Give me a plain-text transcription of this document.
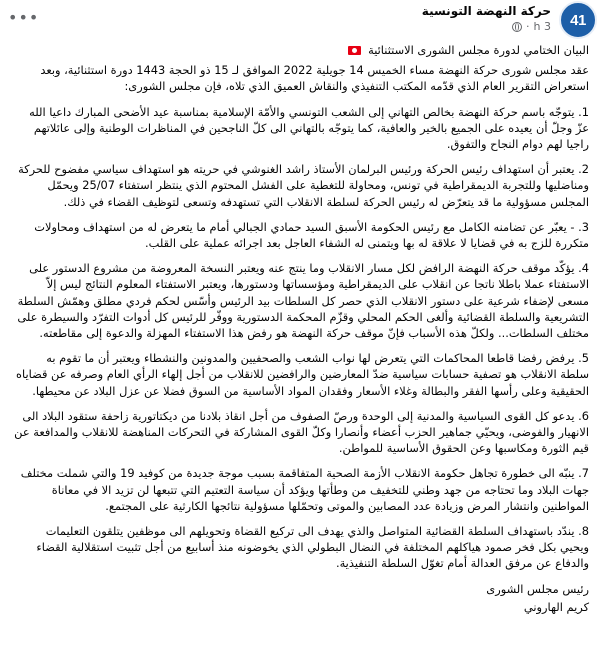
41
حركة النهضة التونسية
3 h
·
•••

البيان الختامي لدورة مجلس الشورى الاستثنائية

عقد مجلس شورى حركة النهضة مساء الخميس 14 جويلية 2022 الموافق لـ 15 ذو الحجة 1443 دورة استثنائية، وبعد استعراض التقرير العام الذي قدّمه المكتب التنفيذي والنقاش العميق الذي تلاه، فإن مجلس الشورى:

1. يتوجّه باسم حركة النهضة بخالص التهاني إلى الشعب التونسي والأمّة الإسلامية بمناسبة عيد الأضحى المبارك داعيا الله عزّ وجلّ أن يعيده على الجميع بالخير والعافية، كما يتوجّه بالتهاني الى كلّ الناجحين في المناظرات الوطنية وإلى عائلاتهم راجيا لهم دوام النجاح والتفوق.

2. يعتبر أن استهداف رئيس الحركة ورئيس البرلمان الأستاذ راشد الغنوشي في حريته هو استهداف سياسي مفضوح للحركة ومناضليها وللتجربة الديمقراطية في تونس، ومحاولة للتغطية على الفشل المحتوم الذي ينتظر استفتاء 25/07 ويحمّل المجلس مسؤولية ما قد يتعرّض له رئيس الحركة لسلطة الانقلاب التي تستهدفه وتسعى لتوظيف القضاء في ذلك.

3. - يعبّر عن تضامنه الكامل مع رئيس الحكومة الأسبق السيد حمادي الجبالي أمام ما يتعرض له من استهداف ومحاولات متكررة للزج به في قضايا لا علاقة له بها ويتمنى له الشفاء العاجل بعد اجرائه عملية على القلب.

4. يؤكّد موقف حركة النهضة الرافض لكل مسار الانقلاب وما ينتج عنه ويعتبر النسخة المعروضة من مشروع الدستور على الاستفتاء عملا باطلا ناتجا عن انقلاب على الديمقراطية ومؤسساتها ودستورها، ويعتبر الاستفتاء المعلوم النتائج ليس إلاّ مسعى لإضفاء شرعية على دستور الانقلاب الذي حصر كل السلطات بيد الرئيس وأسّس لحكم فردي مطلق وهمّش السلطة التشريعية والسلطة القضائية وألغى الحكم المحلي وقزّم المحكمة الدستورية ووفّر للرئيس كل أدوات التفرّد والسيطرة على مختلف السلطات... ولكلّ هذه الأسباب فإنّ موقف حركة النهضة هو رفض هذا الاستفتاء المهزلة والدعوة إلى مقاطعته.

5. يرفض رفضا قاطعا المحاكمات التي يتعرض لها نواب الشعب والصحفيين والمدونين والنشطاء ويعتبر أن ما تقوم به سلطة الانقلاب هو تصفية حسابات سياسية ضدّ المعارضين والرافضين للانقلاب من أجل إلهاء الرأي العام وصرفه عن قضاياه الحقيقية وعلى رأسها الفقر والبطالة وغلاء الأسعار وفقدان المواد الأساسية من السوق فضلا عن عزل البلاد عن محيطها.

6. يدعو كل القوى السياسية والمدنية إلى الوحدة ورصّ الصفوف من أجل انقاذ بلادنا من ديكتاتورية زاحفة ستقود البلاد الى الانهيار والفوضى، ويحيّي جماهير الحزب أعضاء وأنصارا وكلّ القوى المشاركة في التحركات المناهضة للانقلاب والمدافعة عن قيم الثورة ومكاسبها وعن الحقوق الأساسية للمواطن.

7. ينبّه الى خطورة تجاهل حكومة الانقلاب الأزمة الصحية المتفاقمة بسبب موجة جديدة من كوفيد 19 والتي شملت مختلف جهات البلاد وما تحتاجه من جهد وطني للتخفيف من وطأتها ويؤكد أن سياسة التعتيم التي تتبعها لن تزيد الا في معاناة المواطنين وانتشار المرض وزيادة عدد المصابين والموتى وتحمّلها مسؤولية نتائجها الكارثية على المجتمع.

8. يندّد باستهداف السلطة القضائية المتواصل والذي يهدف الى تركيع القضاة وتحويلهم الى موظفين يتلقون التعليمات ويحيي بكل فخر صمود هياكلهم المختلفة في النضال البطولي الذي يخوضونه منذ أسابيع من أجل تثبيت استقلالية القضاء والدفاع عن مرفق العدالة أمام تغوّل السلطة التنفيذية.

رئيس مجلس الشورى

كريم الهاروني
